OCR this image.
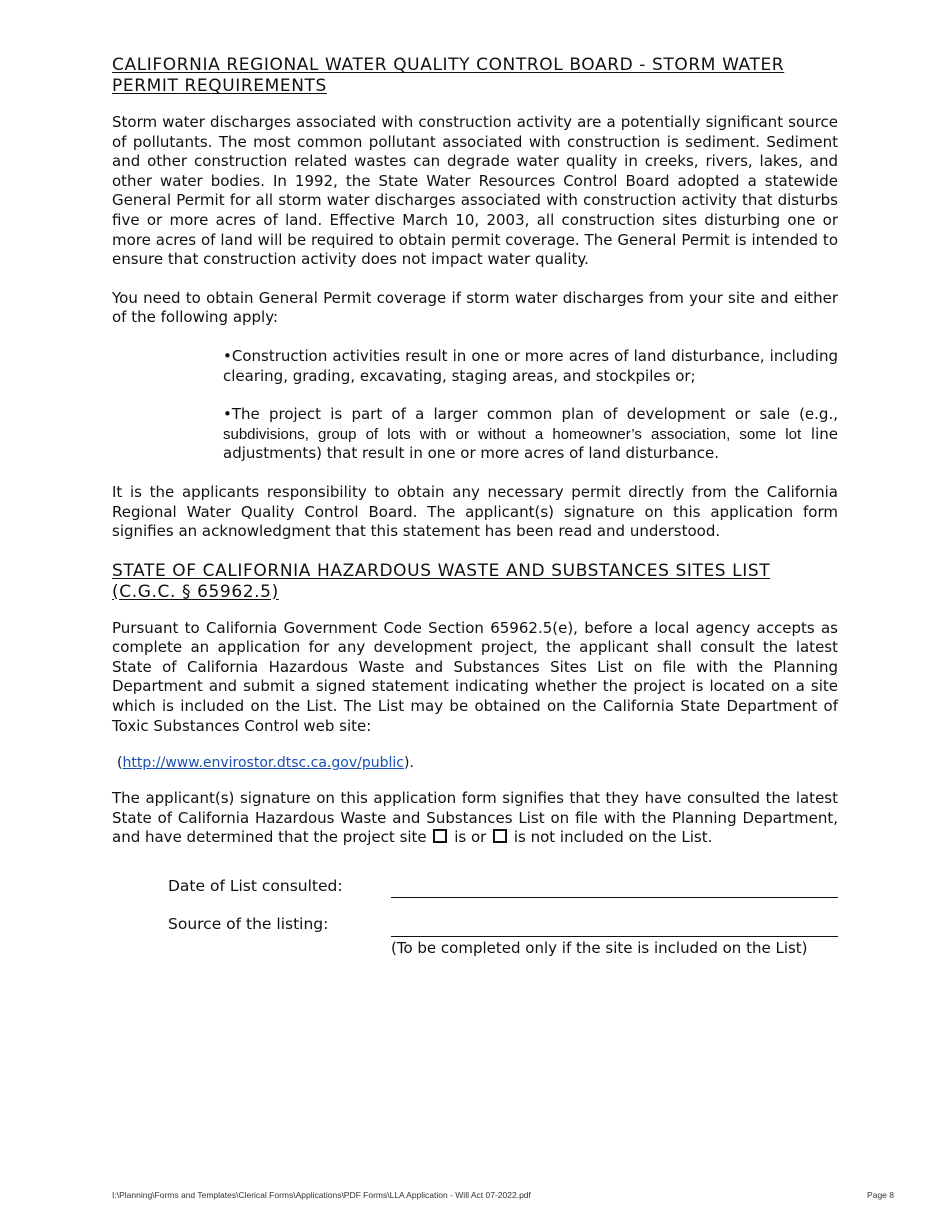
CALIFORNIA REGIONAL WATER QUALITY CONTROL BOARD - STORM WATER PERMIT REQUIREMENTS

Storm water discharges associated with construction activity are a potentially significant source of pollutants. The most common pollutant associated with construction is sediment. Sediment and other construction related wastes can degrade water quality in creeks, rivers, lakes, and other water bodies. In 1992, the State Water Resources Control Board adopted a statewide General Permit for all storm water discharges associated with construction activity that disturbs five or more acres of land. Effective March 10, 2003, all construction sites disturbing one or more acres of land will be required to obtain permit coverage. The General Permit is intended to ensure that construction activity does not impact water quality.

You need to obtain General Permit coverage if storm water discharges from your site and either of the following apply:

•Construction activities result in one or more acres of land disturbance, including clearing, grading, excavating, staging areas, and stockpiles or;

•The project is part of a larger common plan of development or sale (e.g., subdivisions, group of lots with or without a homeowner’s association, some lot line adjustments) that result in one or more acres of land disturbance.

It is the applicants responsibility to obtain any necessary permit directly from the California Regional Water Quality Control Board. The applicant(s) signature on this application form signifies an acknowledgment that this statement has been read and understood.

STATE OF CALIFORNIA HAZARDOUS WASTE AND SUBSTANCES SITES LIST (C.G.C. § 65962.5)

Pursuant to California Government Code Section 65962.5(e), before a local agency accepts as complete an application for any development project, the applicant shall consult the latest State of California Hazardous Waste and Substances Sites List on file with the Planning Department and submit a signed statement indicating whether the project is located on a site which is included on the List. The List may be obtained on the California State Department of Toxic Substances Control web site:

(http://www.envirostor.dtsc.ca.gov/public).

The applicant(s) signature on this application form signifies that they have consulted the latest State of California Hazardous Waste and Substances List on file with the Planning Department, and have determined that the project site  is or  is not included on the List.

Date of List consulted:
Source of the listing:
(To be completed only if the site is included on the List)
I:\Planning\Forms and Templates\Clerical Forms\Applications\PDF Forms\LLA Application - Will Act 07-2022.pdf	Page 8
